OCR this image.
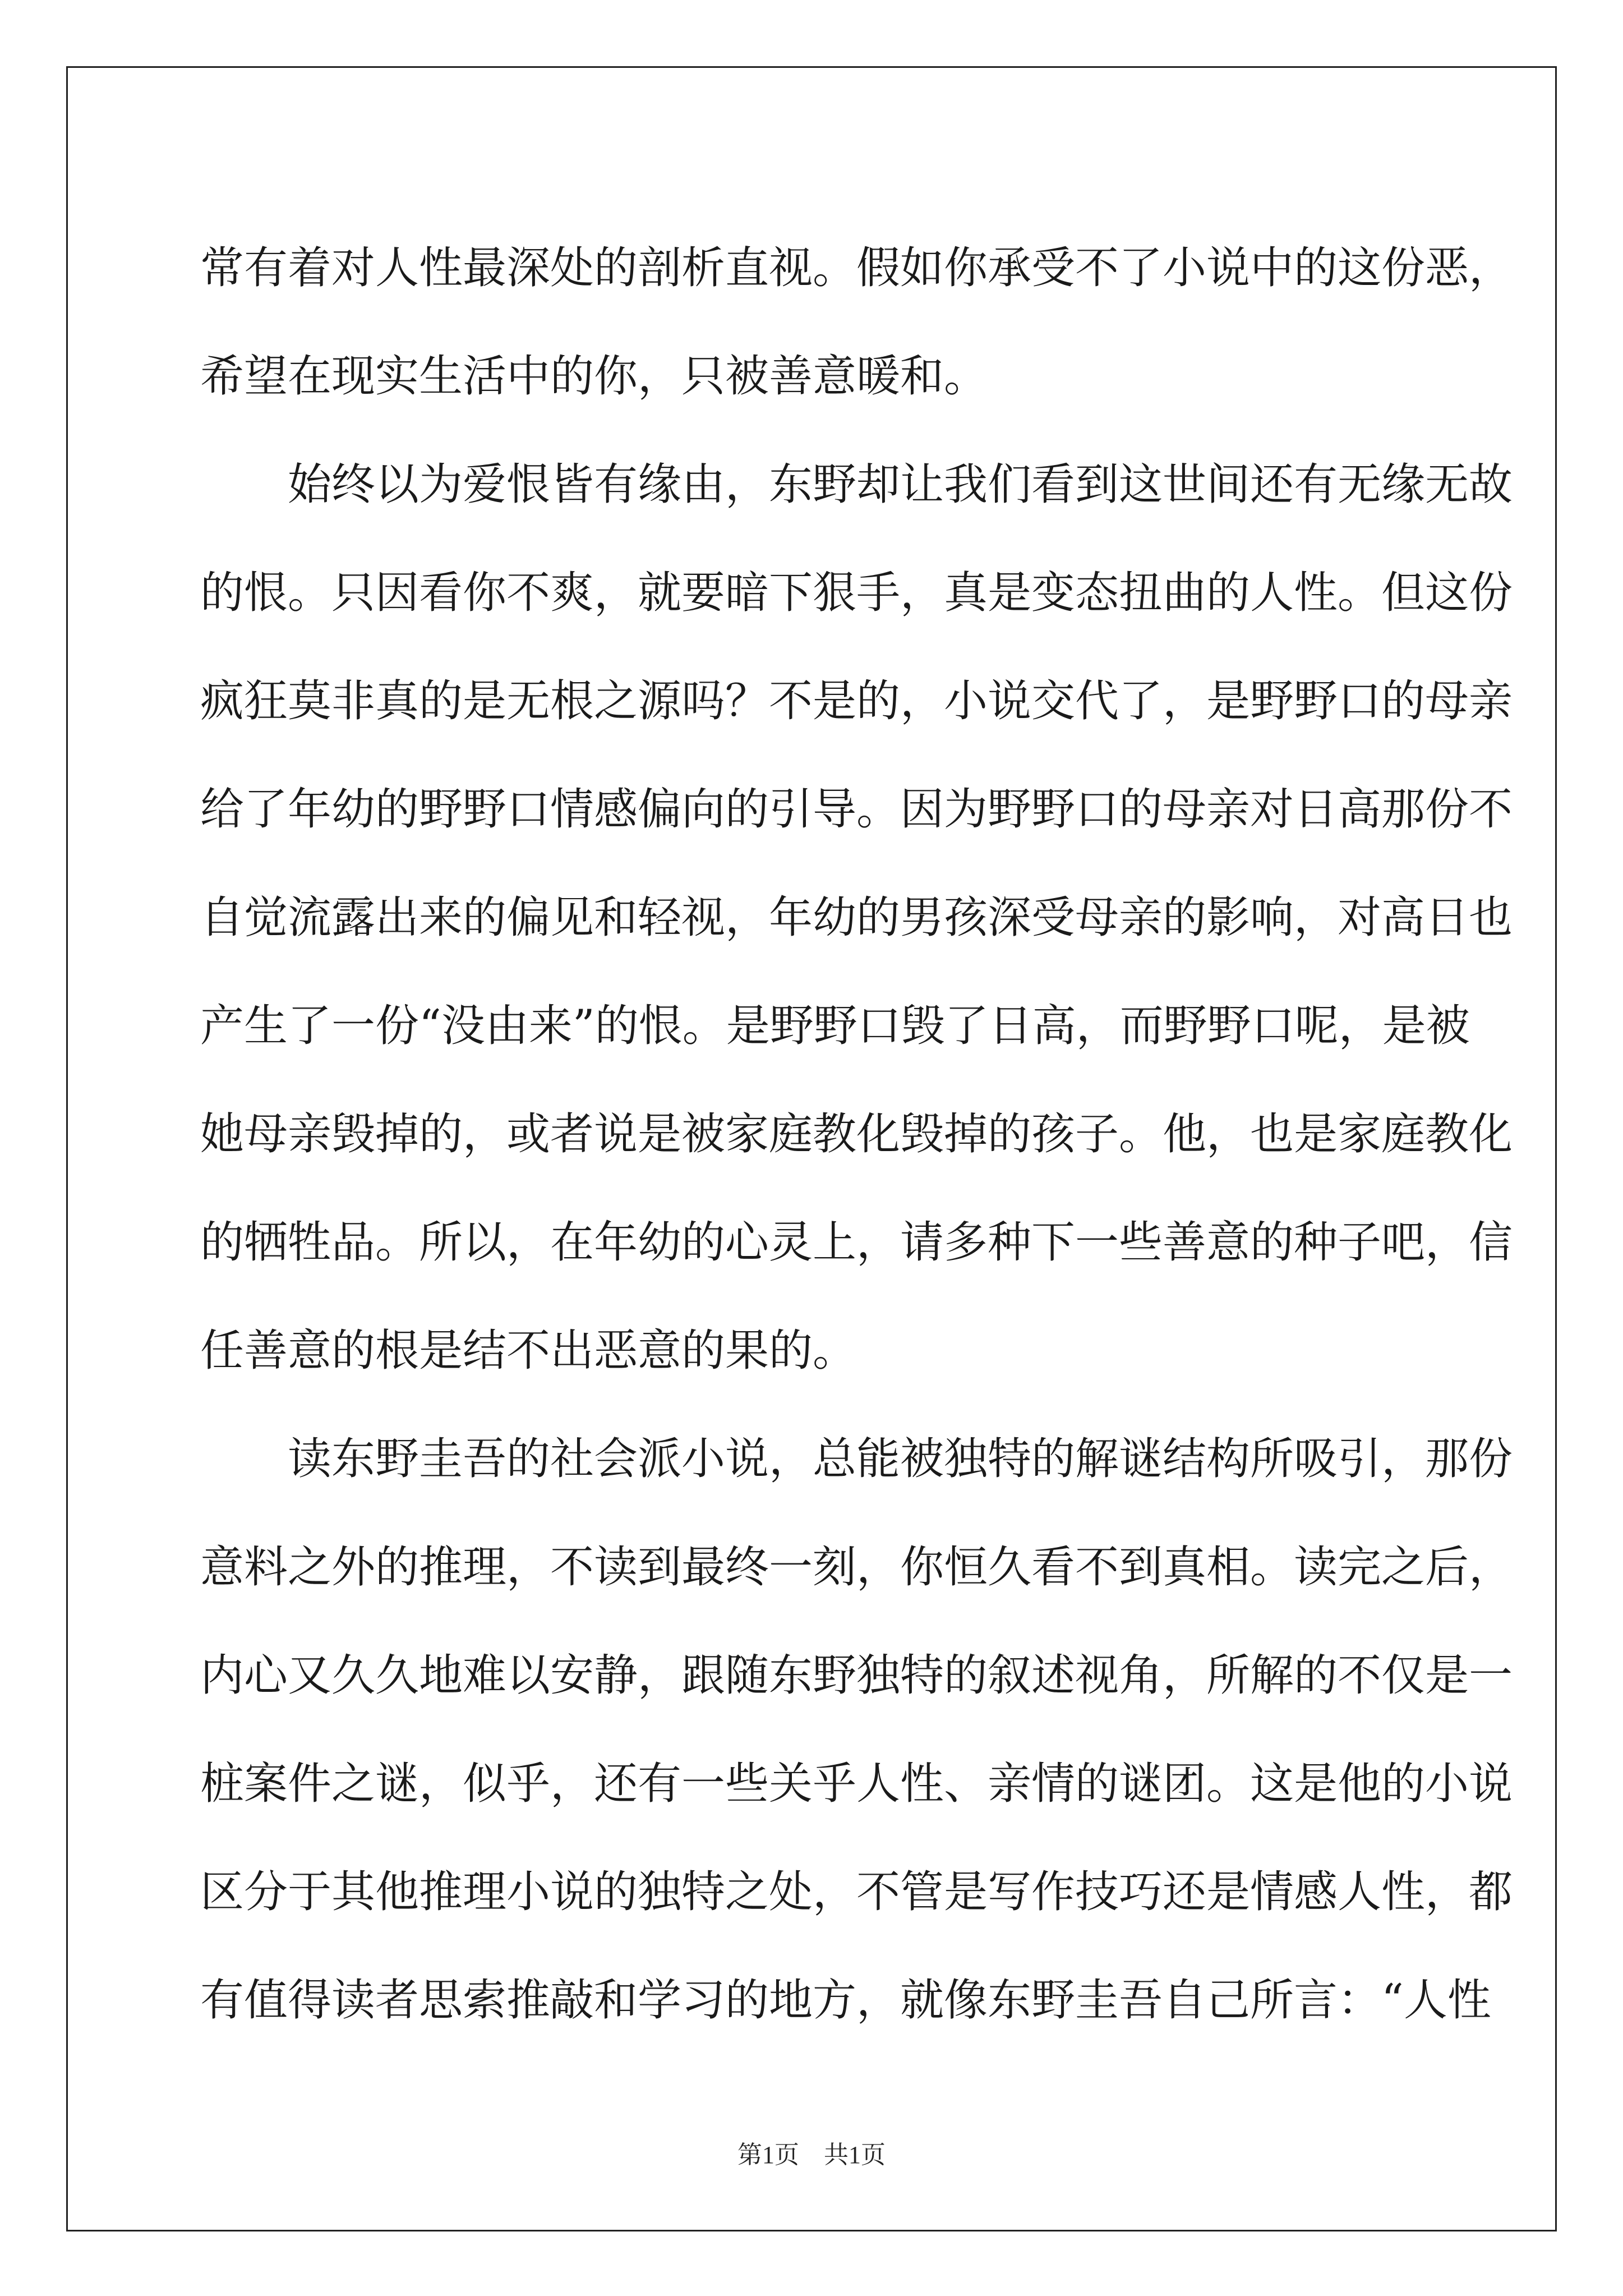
常有着对人性最深处的剖析直视。假如你承受不了小说中的这份恶，
希望在现实生活中的你，只被善意暖和。
始终以为爱恨皆有缘由，东野却让我们看到这世间还有无缘无故
的恨。只因看你不爽，就要暗下狠手，真是变态扭曲的人性。但这份
疯狂莫非真的是无根之源吗？不是的，小说交代了，是野野口的母亲
给了年幼的野野口情感偏向的引导。因为野野口的母亲对日高那份不
自觉流露出来的偏见和轻视，年幼的男孩深受母亲的影响，对高日也
产生了一份“没由来”的恨。是野野口毁了日高，而野野口呢，是被
她母亲毁掉的，或者说是被家庭教化毁掉的孩子。他，也是家庭教化
的牺牲品。所以，在年幼的心灵上，请多种下一些善意的种子吧，信
任善意的根是结不出恶意的果的。
读东野圭吾的社会派小说，总能被独特的解谜结构所吸引，那份
意料之外的推理，不读到最终一刻，你恒久看不到真相。读完之后，
内心又久久地难以安静，跟随东野独特的叙述视角，所解的不仅是一
桩案件之谜，似乎，还有一些关乎人性、亲情的谜团。这是他的小说
区分于其他推理小说的独特之处，不管是写作技巧还是情感人性，都
有值得读者思索推敲和学习的地方，就像东野圭吾自己所言：“人性
第1页　共1页
